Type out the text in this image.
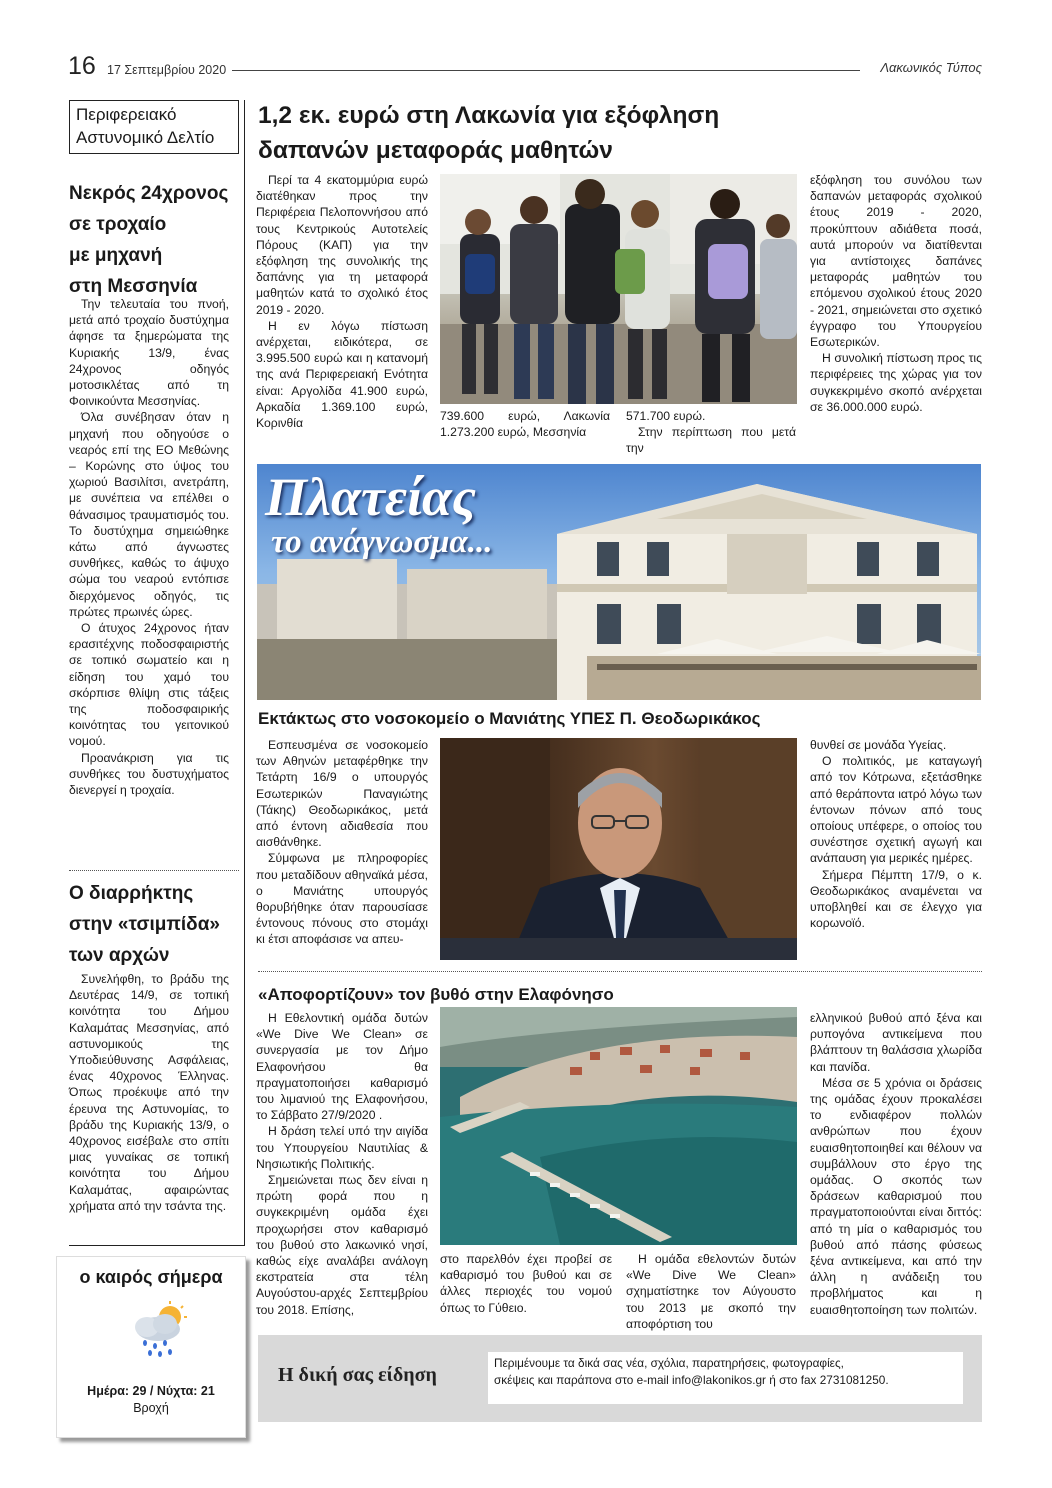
16 17 Σεπτεμβρίου 2020	Λακωνικός Τύπος
Περιφερειακό
Αστυνομικό Δελτίο
Νεκρός 24χρονος
σε τροχαίο
με μηχανή
στη Μεσσηνία

Την τελευταία του πνοή, μετά από τροχαίο δυστύχημα άφησε τα ξημερώματα της Κυριακής 13/9, ένας 24χρονος οδηγός μοτοσικλέτας από τη Φοινικούντα Μεσσηνίας.

Όλα συνέβησαν όταν η μηχανή που οδηγούσε ο νεαρός επί της ΕΟ Μεθώνης – Κορώνης στο ύψος του χωριού Βασιλίτσι, ανετράπη, με συνέπεια να επέλθει ο θάνασιμος τραυματισμός του. Το δυστύχημα σημειώθηκε κάτω από άγνωστες συνθήκες, καθώς το άψυχο σώμα του νεαρού εντόπισε διερχόμενος οδηγός, τις πρώτες πρωινές ώρες.

Ο άτυχος 24χρονος ήταν ερασιτέχνης ποδοσφαιριστής σε τοπικό σωματείο και η είδηση του χαμό του σκόρπισε θλίψη στις τάξεις της ποδοσφαιρικής κοινότητας του γειτονικού νομού.

Προανάκριση για τις συνθήκες του δυστυχήματος διενεργεί η τροχαία.

Ο διαρρήκτης
στην «τσιμπίδα»
των αρχών

Συνελήφθη, το βράδυ της Δευτέρας 14/9, σε τοπική κοινότητα του Δήμου Καλαμάτας Μεσσηνίας, από αστυνομικούς της Υποδιεύθυνσης Ασφάλειας, ένας 40χρονος Έλληνας. Όπως προέκυψε από την έρευνα της Αστυνομίας, το βράδυ της Κυριακής 13/9, ο 40χρονος εισέβαλε στο σπίτι μιας γυναίκας σε τοπική κοινότητα του Δήμου Καλαμάτας, αφαιρώντας χρήματα από την τσάντα της.

ο καιρός σήμερα
Ημέρα: 29 / Νύχτα: 21
Βροχή
1,2 εκ. ευρώ στη Λακωνία για εξόφληση
δαπανών μεταφοράς μαθητών

Περί τα 4 εκατομμύρια ευρώ διατέθηκαν προς την Περιφέρεια Πελοποννήσου από τους Κεντρικούς Αυτοτελείς Πόρους (ΚΑΠ) για την εξόφληση της συνολικής της δαπάνης για τη μεταφορά μαθητών κατά το σχολικό έτος 2019 - 2020.

Η εν λόγω πίστωση ανέρχεται, ειδικότερα, σε 3.995.500 ευρώ και η κατανομή της ανά Περιφερειακή Ενότητα είναι: Αργολίδα 41.900 ευρώ, Αρκαδία 1.369.100 ευρώ, Κορινθία

739.600 ευρώ, Λακωνία 1.273.200 ευρώ, Μεσσηνία

571.700 ευρώ.

Στην περίπτωση που μετά την

εξόφληση του συνόλου των δαπανών μεταφοράς σχολικού έτους 2019 - 2020, προκύπτουν αδιάθετα ποσά, αυτά μπορούν να διατίθενται για αντίστοιχες δαπάνες μεταφοράς μαθητών του επόμενου σχολικού έτους 2020 - 2021, σημειώνεται στο σχετικό έγγραφο του Υπουργείου Εσωτερικών.

Η συνολική πίστωση προς τις περιφέρειες της χώρας για τον συγκεκριμένο σκοπό ανέρχεται σε 36.000.000 ευρώ.

Πλατείας
το ανάγνωσμα...
Εκτάκτως στο νοσοκομείο ο Μανιάτης ΥΠΕΣ Π. Θεοδωρικάκος

Εσπευσμένα σε νοσοκομείο των Αθηνών μεταφέρθηκε την Τετάρτη 16/9 ο υπουργός Εσωτερικών Παναγιώτης (Τάκης) Θεοδωρικάκος, μετά από έντονη αδιαθεσία που αισθάνθηκε.

Σύμφωνα με πληροφορίες που μεταδίδουν αθηναϊκά μέσα, ο Μανιάτης υπουργός θορυβήθηκε όταν παρουσίασε έντονους πόνους στο στομάχι κι έτσι αποφάσισε να απευ-

θυνθεί σε μονάδα Υγείας.

Ο πολιτικός, με καταγωγή από τον Κότρωνα, εξετάσθηκε από θεράποντα ιατρό λόγω των έντονων πόνων από τους οποίους υπέφερε, ο οποίος του συνέστησε σχετική αγωγή και ανάπαυση για μερικές ημέρες.

Σήμερα Πέμπτη 17/9, ο κ. Θεοδωρικάκος αναμένεται να υποβληθεί και σε έλεγχο για κορωνοϊό.

«Αποφορτίζουν» τον βυθό στην Ελαφόνησο

Η Εθελοντική ομάδα δυτών «We Dive We Clean» σε συνεργασία με τον Δήμο Ελαφονήσου θα πραγματοποιήσει καθαρισμό του λιμανιού της Ελαφονήσου, το Σάββατο 27/9/2020 .

Η δράση τελεί υπό την αιγίδα του Υπουργείου Ναυτιλίας & Νησιωτικής Πολιτικής.

Σημειώνεται πως δεν είναι η πρώτη φορά που η συγκεκριμένη ομάδα έχει προχωρήσει στον καθαρισμό του βυθού στο λακωνικό νησί, καθώς είχε αναλάβει ανάλογη εκστρατεία στα τέλη Αυγούστου-αρχές Σεπτεμβρίου του 2018. Επίσης,

στο παρελθόν έχει προβεί σε καθαρισμό του βυθού και σε άλλες περιοχές του νομού όπως το Γύθειο.

Η ομάδα εθελοντών δυτών «We Dive We Clean» σχηματίστηκε τον Αύγουστο του 2013 με σκοπό την αποφόρτιση του

ελληνικού βυθού από ξένα και ρυπογόνα αντικείμενα που βλάπτουν τη θαλάσσια χλωρίδα και πανίδα.

Μέσα σε 5 χρόνια οι δράσεις της ομάδας έχουν προκαλέσει το ενδιαφέρον πολλών ανθρώπων που έχουν ευαισθητοποιηθεί και θέλουν να συμβάλλουν στο έργο της ομάδας. Ο σκοπός των δράσεων καθαρισμού που πραγματοποιούνται είναι διττός: από τη μία ο καθαρισμός του βυθού από πάσης φύσεως ξένα αντικείμενα, και από την άλλη η ανάδειξη του προβλήματος και η ευαισθητοποίηση των πολιτών.

Η δική σας είδηση
Περιμένουμε τα δικά σας νέα, σχόλια, παρατηρήσεις, φωτογραφίες,
σκέψεις και παράπονα στο e-mail info@lakonikos.gr ή στο fax 2731081250.
